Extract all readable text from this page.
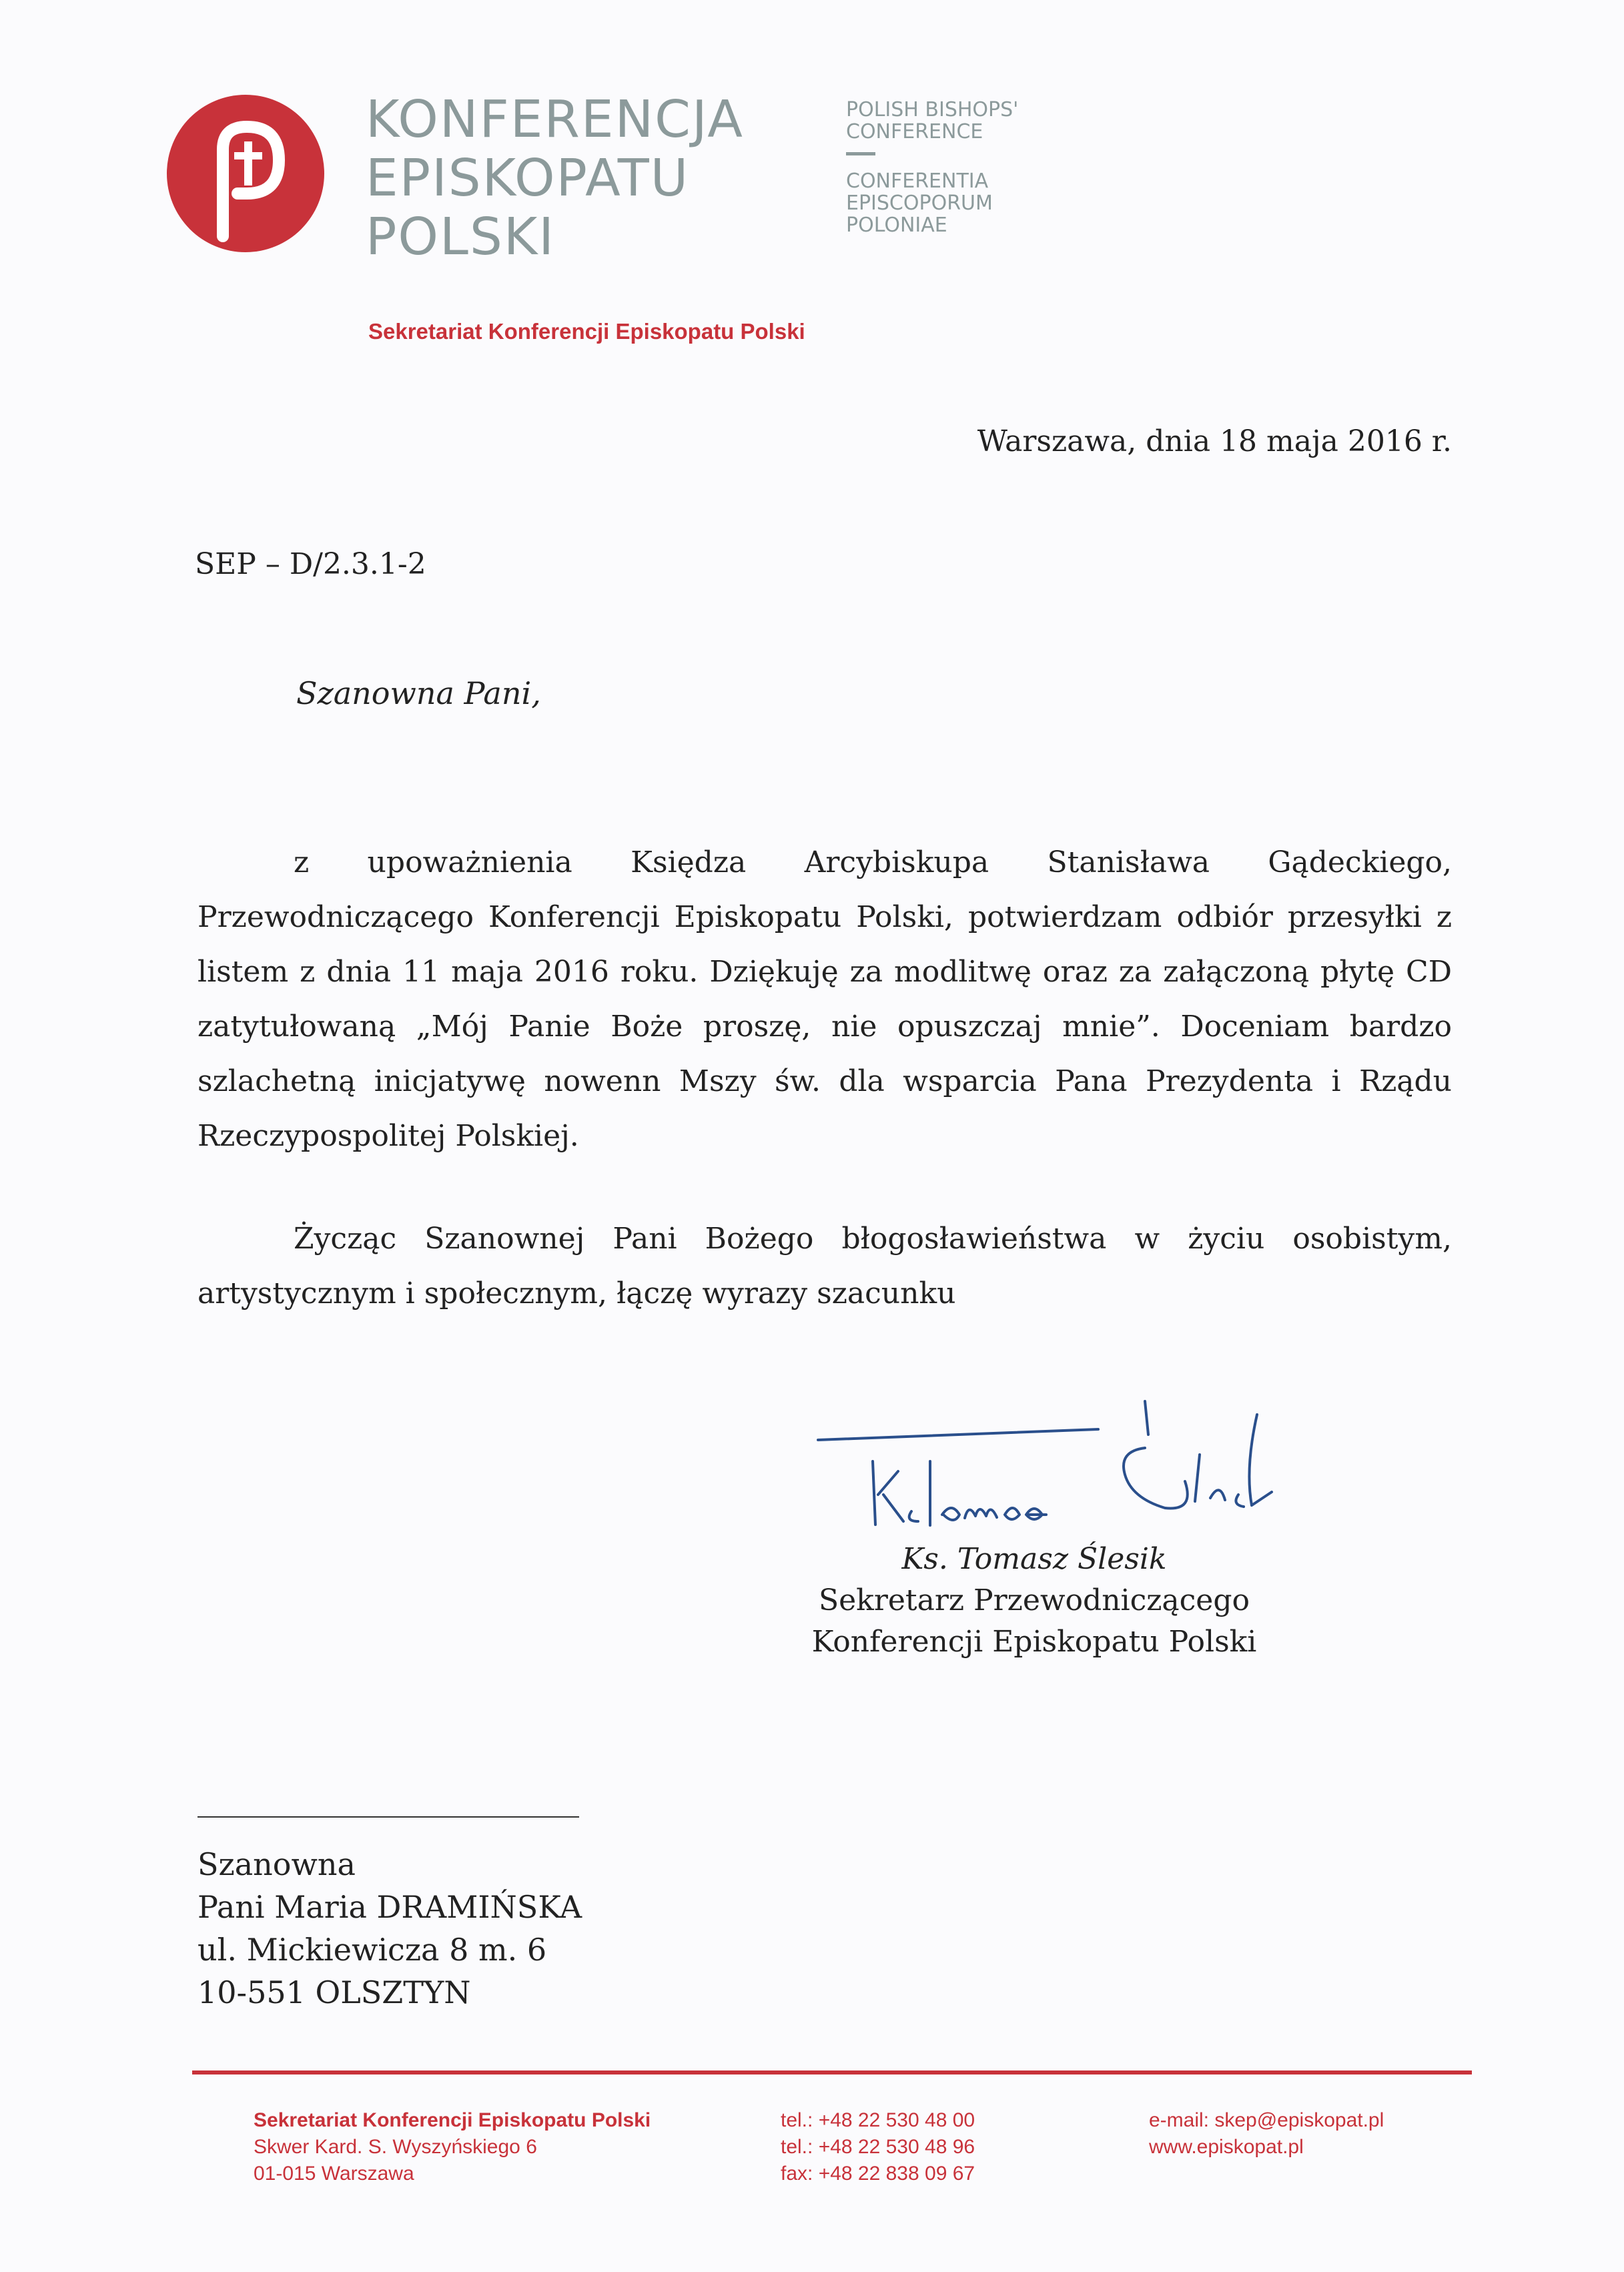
KONFERENCJA
EPISKOPATU
POLSKI
POLISH BISHOPS'
CONFERENCE
CONFERENTIA
EPISCOPORUM
POLONIAE
Sekretariat Konferencji Episkopatu Polski
Warszawa, dnia 18 maja 2016 r.
SEP – D/2.3.1-2
Szanowna Pani,

z upoważnienia Księdza Arcybiskupa Stanisława Gądeckiego, Przewodniczącego Konferencji Episkopatu Polski, potwierdzam odbiór przesyłki z listem z dnia 11 maja 2016 roku. Dziękuję za modlitwę oraz za załączoną płytę CD zatytułowaną „Mój Panie Boże proszę, nie opuszczaj mnie”. Doceniam bardzo szlachetną inicjatywę nowenn Mszy św. dla wsparcia Pana Prezydenta i Rządu Rzeczypospolitej Polskiej.

Życząc Szanownej Pani Bożego błogosławieństwa w życiu osobistym, artystycznym i społecznym, łączę wyrazy szacunku

Ks. Tomasz Ślesik
Sekretarz Przewodniczącego
Konferencji Episkopatu Polski
Szanowna
Pani Maria DRAMIŃSKA
ul. Mickiewicza 8 m. 6
10-551 OLSZTYN
Sekretariat Konferencji Episkopatu Polski
Skwer Kard. S. Wyszyńskiego 6
01-015 Warszawa
tel.: +48 22 530 48 00
tel.: +48 22 530 48 96
fax: +48 22 838 09 67
e-mail: skep@episkopat.pl
www.episkopat.pl
